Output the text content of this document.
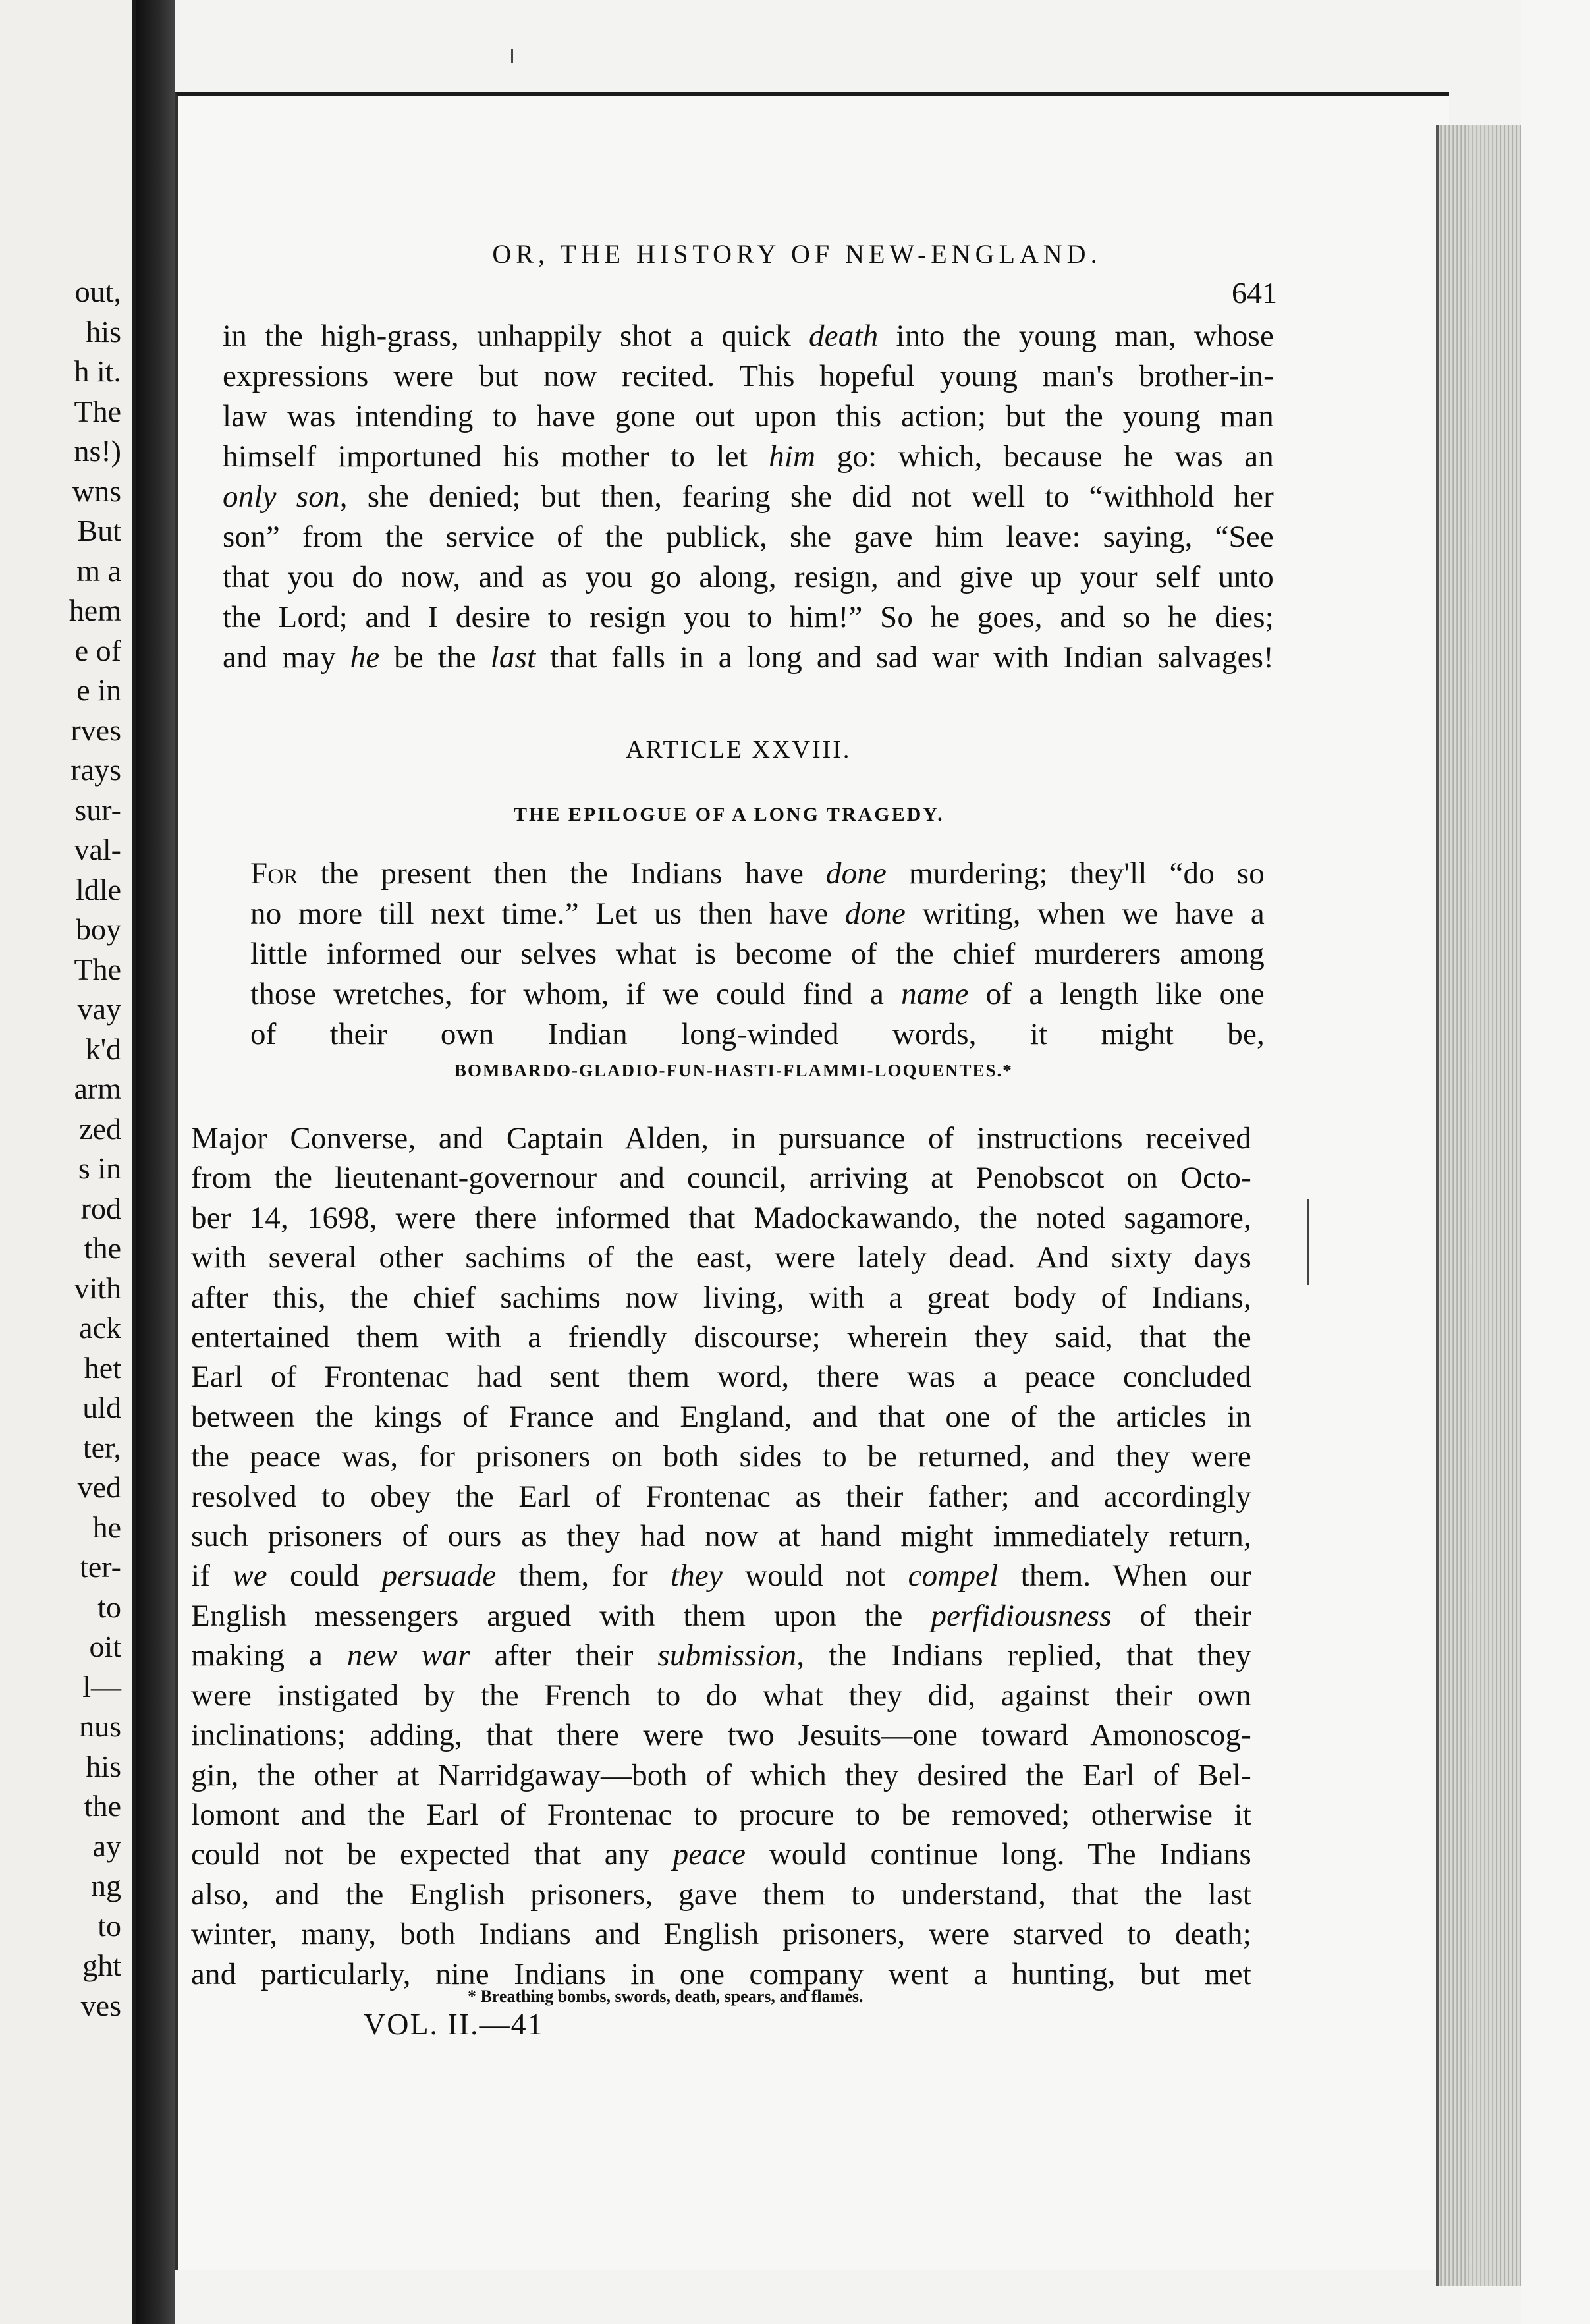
out,
his
h it.
The
ns!)
wns
But
m a
hem
e of
e in
rves
rays
sur-
val-
ldle
boy
The
vay
k'd
arm
zed
s in
rod
the
vith
ack
het
uld
ter,
ved
he
ter-
to
oit
l—
nus
his
the
ay
ng
to
ght
ves
OR, THE HISTORY OF NEW-ENGLAND.
641
in the high-grass, unhappily shot a quick death into the young man, whose
expressions were but now recited. This hopeful young man's brother-in-
law was intending to have gone out upon this action; but the young man
himself importuned his mother to let him go: which, because he was an
only son, she denied; but then, fearing she did not well to “withhold her
son” from the service of the publick, she gave him leave: saying, “See
that you do now, and as you go along, resign, and give up your self unto
the Lord; and I desire to resign you to him!” So he goes, and so he dies;
and may he be the last that falls in a long and sad war with Indian salvages!
ARTICLE XXVIII.
THE EPILOGUE OF A LONG TRAGEDY.
For the present then the Indians have done murdering; they'll “do so
no more till next time.” Let us then have done writing, when we have a
little informed our selves what is become of the chief murderers among
those wretches, for whom, if we could find a name of a length like one
of their own Indian long-winded words, it might be,
BOMBARDO-GLADIO-FUN-HASTI-FLAMMI-LOQUENTES.*
Major Converse, and Captain Alden, in pursuance of instructions received
from the lieutenant-governour and council, arriving at Penobscot on Octo-
ber 14, 1698, were there informed that Madockawando, the noted sagamore,
with several other sachims of the east, were lately dead. And sixty days
after this, the chief sachims now living, with a great body of Indians,
entertained them with a friendly discourse; wherein they said, that the
Earl of Frontenac had sent them word, there was a peace concluded
between the kings of France and England, and that one of the articles in
the peace was, for prisoners on both sides to be returned, and they were
resolved to obey the Earl of Frontenac as their father; and accordingly
such prisoners of ours as they had now at hand might immediately return,
if we could persuade them, for they would not compel them. When our
English messengers argued with them upon the perfidiousness of their
making a new war after their submission, the Indians replied, that they
were instigated by the French to do what they did, against their own
inclinations; adding, that there were two Jesuits—one toward Amonoscog-
gin, the other at Narridgaway—both of which they desired the Earl of Bel-
lomont and the Earl of Frontenac to procure to be removed; otherwise it
could not be expected that any peace would continue long. The Indians
also, and the English prisoners, gave them to understand, that the last
winter, many, both Indians and English prisoners, were starved to death;
and particularly, nine Indians in one company went a hunting, but met
VOL. II.—41
* Breathing bombs, swords, death, spears, and flames.
